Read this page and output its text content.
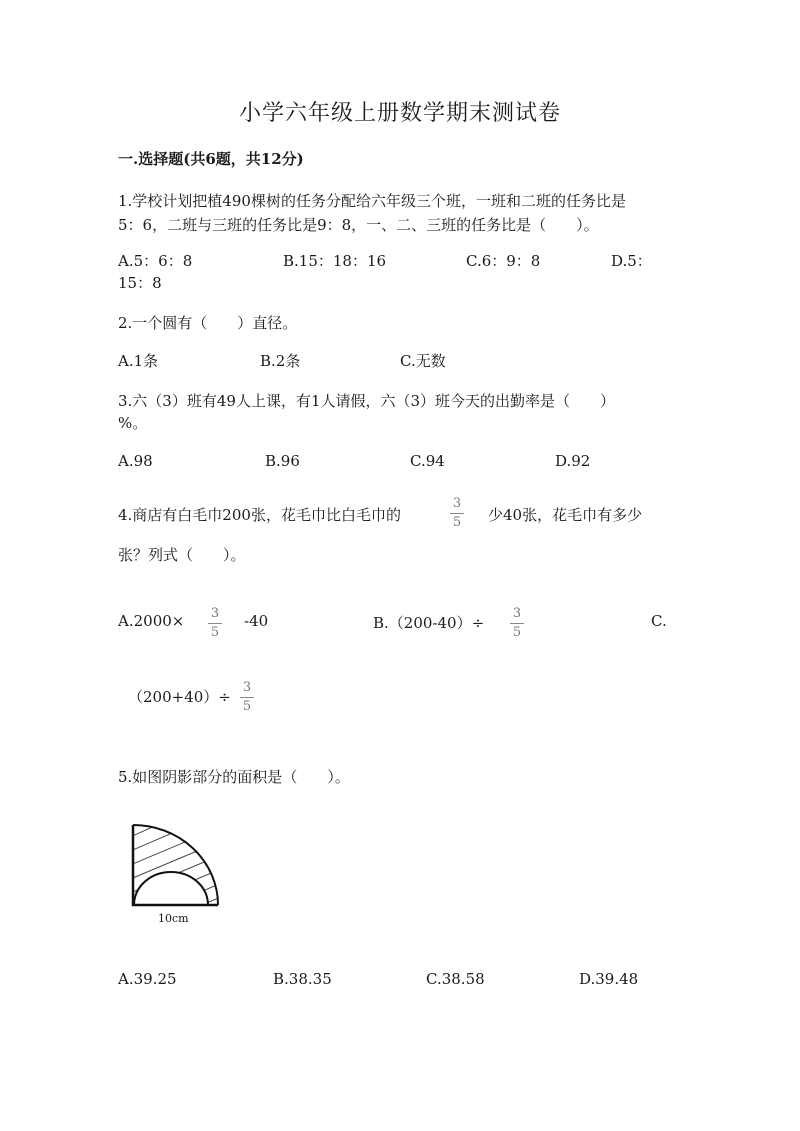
小学六年级上册数学期末测试卷
一.选择题(共6题，共12分)
1.学校计划把植490棵树的任务分配给六年级三个班，一班和二班的任务比是
5：6，二班与三班的任务比是9：8，一、二、三班的任务比是（　　）。
A.5：6：8	B.15：18：16	C.6：9：8	D.5：
15：8
2.一个圆有（　　）直径。
A.1条	B.2条	C.无数
3.六（3）班有49人上课，有1人请假，六（3）班今天的出勤率是（　　）
%。
A.98	B.96	C.94	D.92
4.商店有白毛巾200张，花毛巾比白毛巾的
3
5 少40张，花毛巾有多少
张？列式（　　）。
A.2000× 3
5
-40	B.（200-40）÷
3
5
C.
（200+40）÷
3
5
5.如图阴影部分的面积是（　　）。
10cm
A.39.25	B.38.35	C.38.58	D.39.48
